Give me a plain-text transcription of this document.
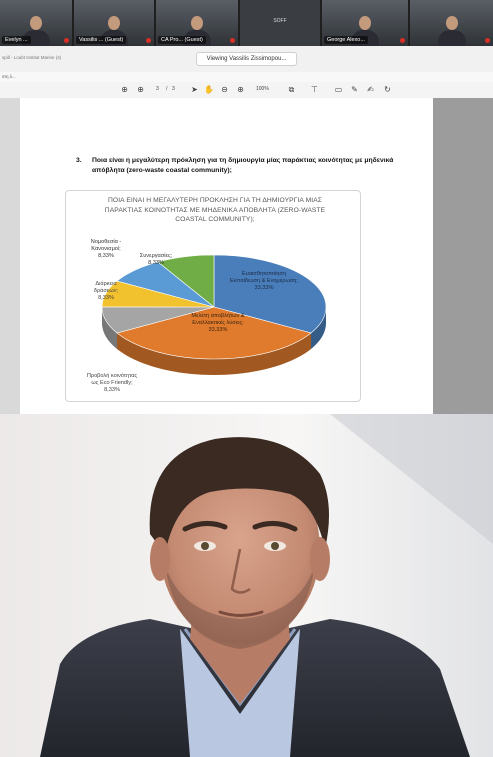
Evelyn ...	Vassilis ... (Guest)	CA Pro... (Guest)
SOFF
George Alexo...
spill - Loubt Institut Marine (4)	Viewing Vassilis Zissimopou...
sτη λ...
⊕ ⊕ 3 / 3 ➤ ✋ ⊖ ⊕ 100% ⧉ ⊤ ▭ ✎ ✍ ↻
3. Ποια είναι η μεγαλύτερη πρόκληση για τη δημιουργία μίας παράκτιας κοινότητας με μηδενικά απόβλητα (zero-waste coastal community);
ΠΟΙΑ ΕΙΝΑΙ Η ΜΕΓΑΛΥΤΕΡΗ ΠΡΟΚΛΗΣΗ ΓΙΑ ΤΗ ΔΗΜΙΟΥΡΓΙΑ ΜΙΑΣ ΠΑΡΑΚΤΙΑΣ ΚΟΙΝΟΤΗΤΑΣ ΜΕ ΜΗΔΕΝΙΚΑ ΑΠΟΒΛΗΤΑ (ZERO-WASTE COASTAL COMMUNITY);
Ευαισθητοποίηση Εκπαίδευση & Ενημέρωση; 33,33%
Μελέτη αποβλήτων & Εναλλακτικές λύσεις; 33,33%
Προβολή κοινότητας ως Eco Friendly; 8,33%
Διάρκεια δράσεων; 8,33%
Συνεργασίες; 8,33%
Νομοθεσία -Κανονισμοί; 8,33%
